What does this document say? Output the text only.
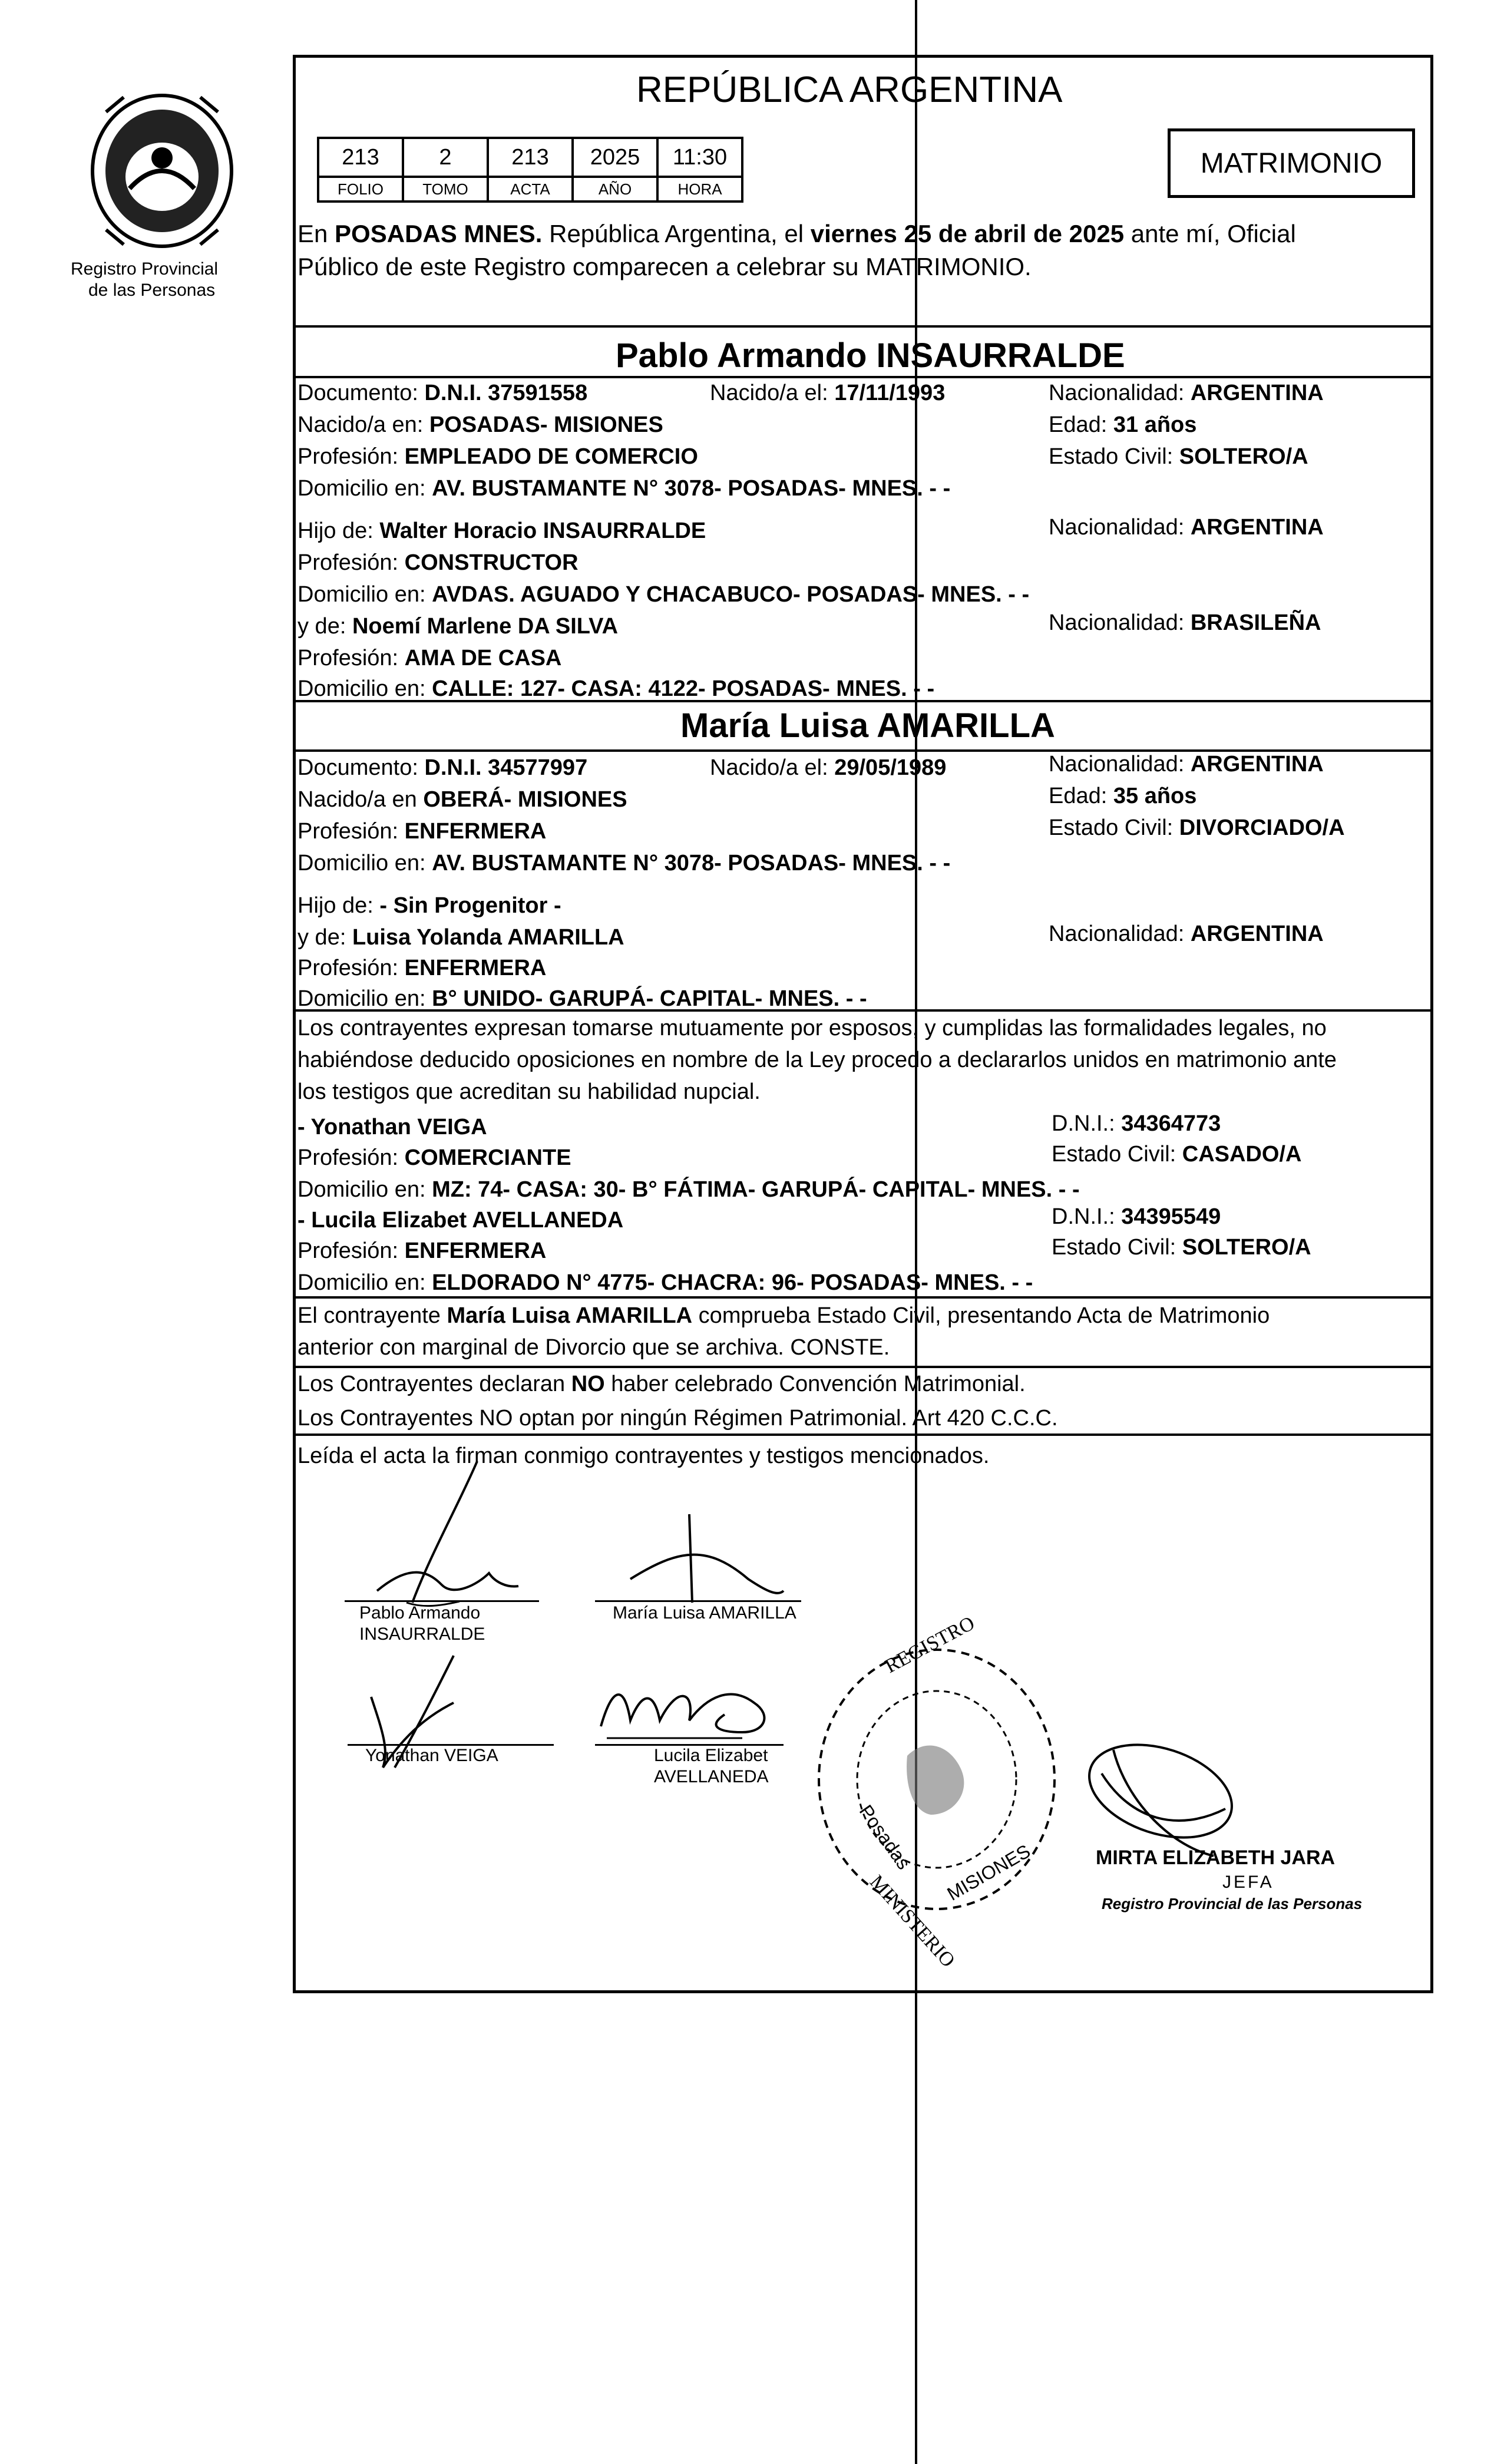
Registro Provincial
de las Personas
REPÚBLICA ARGENTINA
213	2	213	2025	11:30
FOLIO	TOMO	ACTA	AÑO	HORA
MATRIMONIO
En POSADAS MNES. República Argentina, el viernes 25 de abril de 2025 ante mí, Oficial
Público de este Registro comparecen a celebrar su MATRIMONIO.
Pablo Armando INSAURRALDE
Documento: D.N.I. 37591558	Nacido/a el: 17/11/1993	Nacionalidad: ARGENTINA
Nacido/a en: POSADAS- MISIONES	Edad: 31 años
Profesión: EMPLEADO DE COMERCIO	Estado Civil: SOLTERO/A
Domicilio en: AV. BUSTAMANTE N° 3078- POSADAS- MNES. - -
Hijo de: Walter Horacio INSAURRALDE	Nacionalidad: ARGENTINA
Profesión: CONSTRUCTOR
Domicilio en: AVDAS. AGUADO Y CHACABUCO- POSADAS- MNES. - -
y de: Noemí Marlene DA SILVA	Nacionalidad: BRASILEÑA
Profesión: AMA DE CASA
Domicilio en: CALLE: 127- CASA: 4122- POSADAS- MNES. - -
María Luisa AMARILLA
Documento: D.N.I. 34577997	Nacido/a el: 29/05/1989	Nacionalidad: ARGENTINA
Nacido/a en OBERÁ- MISIONES	Edad: 35 años
Profesión: ENFERMERA	Estado Civil: DIVORCIADO/A
Domicilio en: AV. BUSTAMANTE N° 3078- POSADAS- MNES. - -
Hijo de: - Sin Progenitor -
y de: Luisa Yolanda AMARILLA	Nacionalidad: ARGENTINA
Profesión: ENFERMERA
Domicilio en: B° UNIDO- GARUPÁ- CAPITAL- MNES. - -
Los contrayentes expresan tomarse mutuamente por esposos, y cumplidas las formalidades legales, no
habiéndose deducido oposiciones en nombre de la Ley procedo a declararlos unidos en matrimonio ante
los testigos que acreditan su habilidad nupcial.
- Yonathan VEIGA	D.N.I.: 34364773
Profesión: COMERCIANTE	Estado Civil: CASADO/A
Domicilio en: MZ: 74- CASA: 30- B° FÁTIMA- GARUPÁ- CAPITAL- MNES. - -
- Lucila Elizabet AVELLANEDA	D.N.I.: 34395549
Profesión: ENFERMERA	Estado Civil: SOLTERO/A
Domicilio en: ELDORADO N° 4775- CHACRA: 96- POSADAS- MNES. - -
El contrayente María Luisa AMARILLA comprueba Estado Civil, presentando Acta de Matrimonio
anterior con marginal de Divorcio que se archiva. CONSTE.
Los Contrayentes declaran NO haber celebrado Convención Matrimonial.
Los Contrayentes NO optan por ningún Régimen Patrimonial. Art 420 C.C.C.
Leída el acta la firman conmigo contrayentes y testigos mencionados.
Pablo Armando
INSAURRALDE
María Luisa AMARILLA
Yonathan VEIGA	Lucila Elizabet
AVELLANEDA
REGISTRO
MINISTERIO
Posadas MISIONES	MIRTA ELIZABETH JARA
JEFA
Registro Provincial de las Personas
